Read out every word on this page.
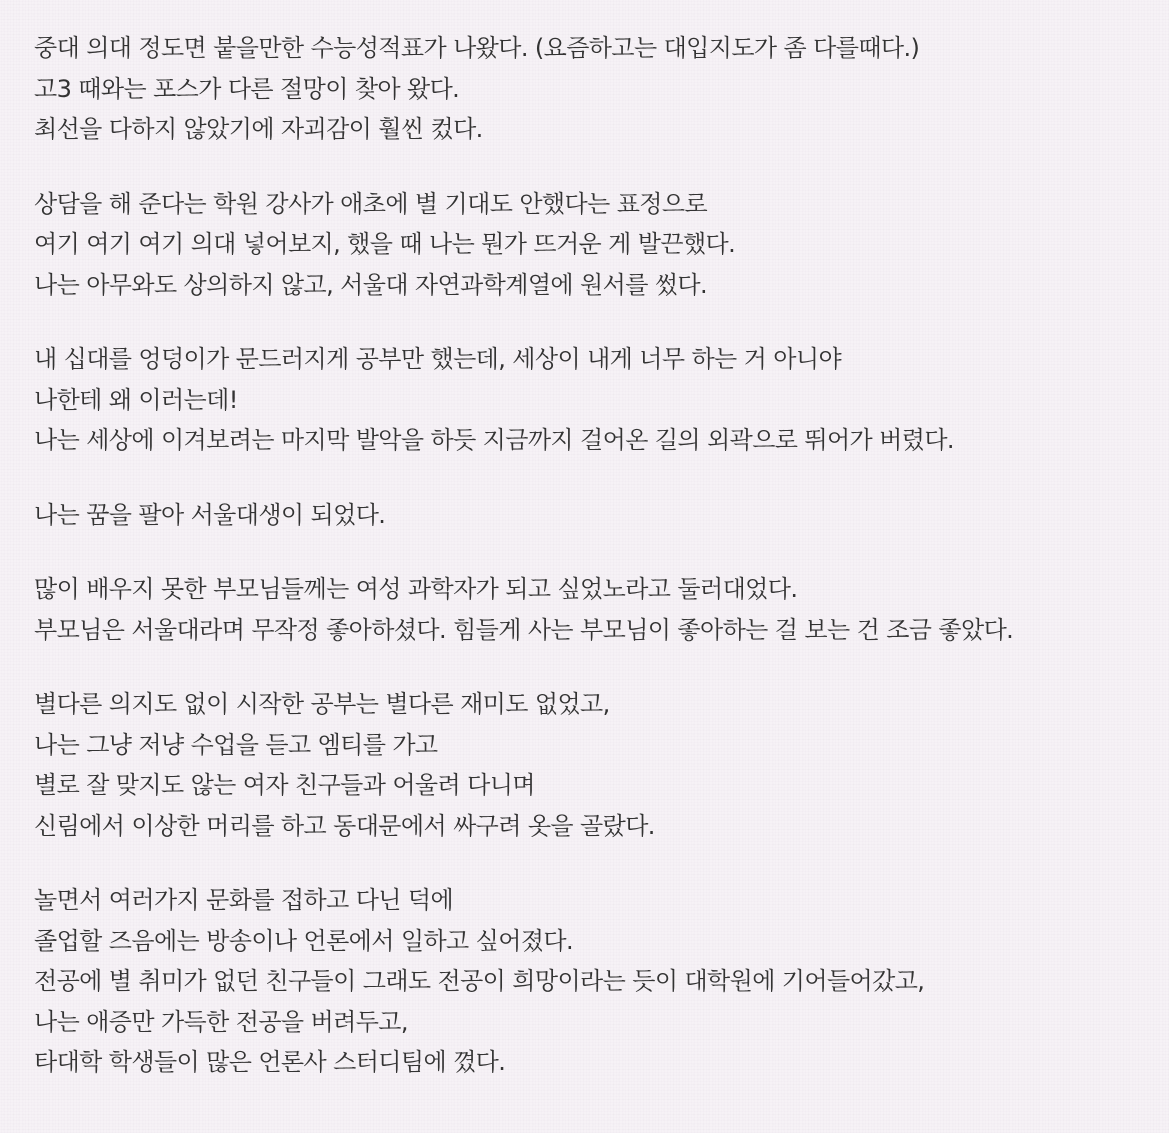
중대 의대 정도면 붙을만한 수능성적표가 나왔다. (요즘하고는 대입지도가 좀 다를때다.)
고3 때와는 포스가 다른 절망이 찾아 왔다.
최선을 다하지 않았기에 자괴감이 훨씬 컸다.
상담을 해 준다는 학원 강사가 애초에 별 기대도 안했다는 표정으로
여기 여기 여기 의대 넣어보지, 했을 때 나는 뭔가 뜨거운 게 발끈했다.
나는 아무와도 상의하지 않고, 서울대 자연과학계열에 원서를 썼다.
내 십대를 엉덩이가 문드러지게 공부만 했는데, 세상이 내게 너무 하는 거 아니야
나한테 왜 이러는데!
나는 세상에 이겨보려는 마지막 발악을 하듯 지금까지 걸어온 길의 외곽으로 뛰어가 버렸다.
나는 꿈을 팔아 서울대생이 되었다.
많이 배우지 못한 부모님들께는 여성 과학자가 되고 싶었노라고 둘러대었다.
부모님은 서울대라며 무작정 좋아하셨다. 힘들게 사는 부모님이 좋아하는 걸 보는 건 조금 좋았다.
별다른 의지도 없이 시작한 공부는 별다른 재미도 없었고,
나는 그냥 저냥 수업을 듣고 엠티를 가고
별로 잘 맞지도 않는 여자 친구들과 어울려 다니며
신림에서 이상한 머리를 하고 동대문에서 싸구려 옷을 골랐다.
놀면서 여러가지 문화를 접하고 다닌 덕에
졸업할 즈음에는 방송이나 언론에서 일하고 싶어졌다.
전공에 별 취미가 없던 친구들이 그래도 전공이 희망이라는 듯이 대학원에 기어들어갔고,
나는 애증만 가득한 전공을 버려두고,
타대학 학생들이 많은 언론사 스터디팀에 꼈다.
